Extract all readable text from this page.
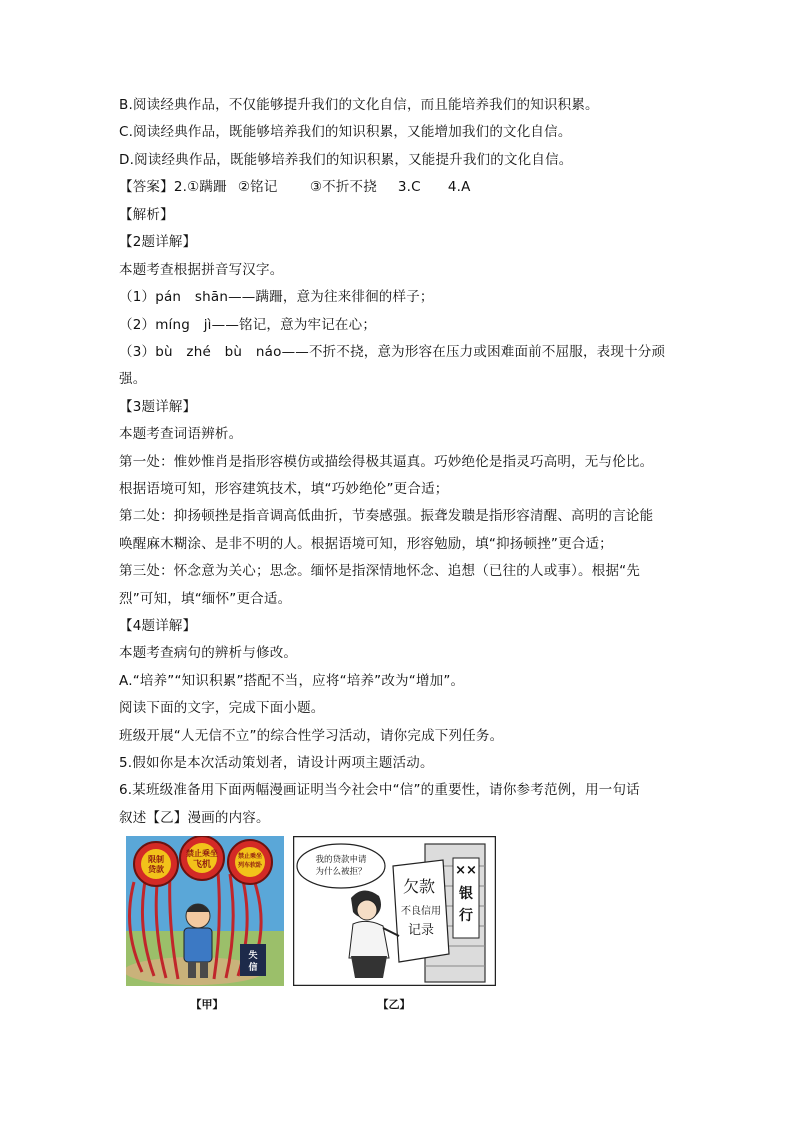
B.阅读经典作品，不仅能够提升我们的文化自信，而且能培养我们的知识积累。
C.阅读经典作品，既能够培养我们的知识积累，又能增加我们的文化自信。
D.阅读经典作品，既能够培养我们的知识积累，又能提升我们的文化自信。
【答案】2.①蹒跚 ②铭记 ③不折不挠 3.C 4.A
【解析】
【2题详解】
本题考查根据拼音写汉字。
（1）pán　shān——蹒跚，意为往来徘徊的样子；
（2）míng　jì——铭记，意为牢记在心；
（3）bù　zhé　bù　náo——不折不挠，意为形容在压力或困难面前不屈服，表现十分顽
强。
【3题详解】
本题考查词语辨析。
第一处：惟妙惟肖是指形容模仿或描绘得极其逼真。巧妙绝伦是指灵巧高明，无与伦比。
根据语境可知，形容建筑技术，填“巧妙绝伦”更合适；
第二处：抑扬顿挫是指音调高低曲折，节奏感强。振聋发聩是指形容清醒、高明的言论能
唤醒麻木糊涂、是非不明的人。根据语境可知，形容勉励，填“抑扬顿挫”更合适；
第三处：怀念意为关心；思念。缅怀是指深情地怀念、追想（已往的人或事）。根据“先
烈”可知，填“缅怀”更合适。
【4题详解】
本题考查病句的辨析与修改。
A.“培养”“知识积累”搭配不当，应将“培养”改为“增加”。
阅读下面的文字，完成下面小题。
班级开展“人无信不立”的综合性学习活动，请你完成下列任务。
5.假如你是本次活动策划者，请设计两项主题活动。
6.某班级准备用下面两幅漫画证明当今社会中“信”的重要性，请你参考范例，用一句话
叙述【乙】漫画的内容。
限制
贷款
禁止乘坐
飞机
禁止乘坐
列车软卧
失
信
【甲】
××
银
行
我的贷款申请
为什么被拒？
欠款
不良信用
记录
【乙】
